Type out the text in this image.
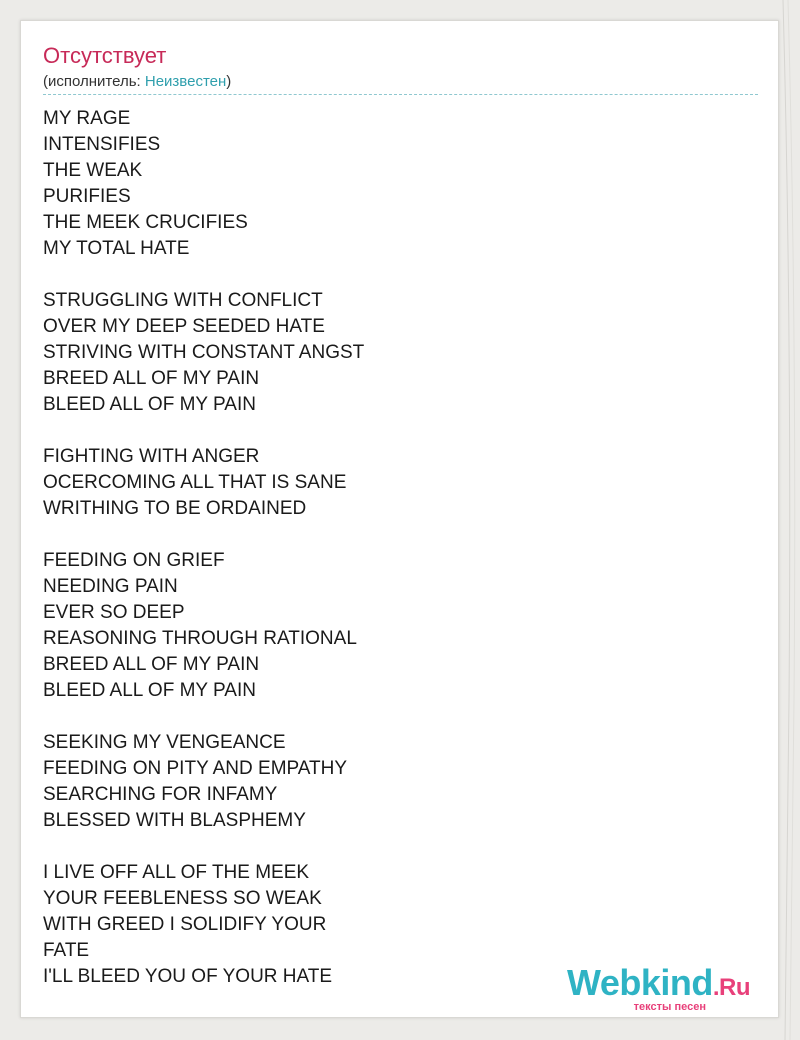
Отсутствует
(исполнитель: Неизвестен)
MY RAGE
INTENSIFIES
THE WEAK
PURIFIES
THE MEEK CRUCIFIES
MY TOTAL HATE
STRUGGLING WITH CONFLICT
OVER MY DEEP SEEDED HATE
STRIVING WITH CONSTANT ANGST
BREED ALL OF MY PAIN
BLEED ALL OF MY PAIN
FIGHTING WITH ANGER
OCERCOMING ALL THAT IS SANE
WRITHING TO BE ORDAINED
FEEDING ON GRIEF
NEEDING PAIN
EVER SO DEEP
REASONING THROUGH RATIONAL
BREED ALL OF MY PAIN
BLEED ALL OF MY PAIN
SEEKING MY VENGEANCE
FEEDING ON PITY AND EMPATHY
SEARCHING FOR INFAMY
BLESSED WITH BLASPHEMY
I LIVE OFF ALL OF THE MEEK
YOUR FEEBLENESS SO WEAK
WITH GREED I SOLIDIFY YOUR
FATE
I'LL BLEED YOU OF YOUR HATE	Webkind.Ru
тексты песен
